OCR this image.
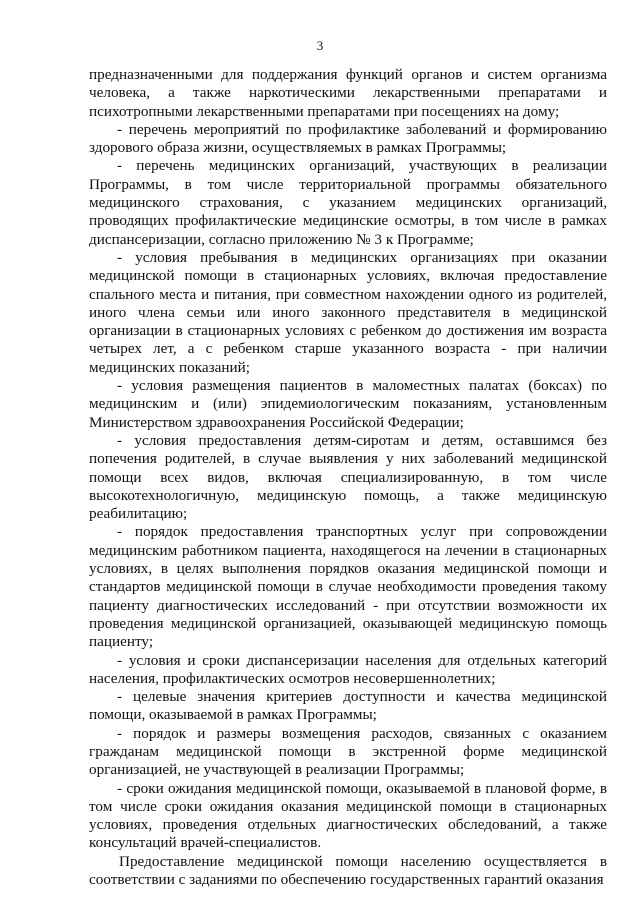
3

предназначенными для поддержания функций органов и систем организма человека, а также наркотическими лекарственными препаратами и психотропными лекарственными препаратами при посещениях на дому;

- перечень мероприятий по профилактике заболеваний и формированию здорового образа жизни, осуществляемых в рамках Программы;

- перечень медицинских организаций, участвующих в реализации Программы, в том числе территориальной программы обязательного медицинского страхования, с указанием медицинских организаций, проводящих профилактические медицинские осмотры, в том числе в рамках диспансеризации, согласно приложению № 3 к Программе;

- условия пребывания в медицинских организациях при оказании медицинской помощи в стационарных условиях, включая предоставление спального места и питания, при совместном нахождении одного из родителей, иного члена семьи или иного законного представителя в медицинской организации в стационарных условиях с ребенком до достижения им возраста четырех лет, а с ребенком старше указанного возраста - при наличии медицинских показаний;

- условия размещения пациентов в маломестных палатах (боксах) по медицинским и (или) эпидемиологическим показаниям, установленным Министерством здравоохранения Российской Федерации;

- условия предоставления детям-сиротам и детям, оставшимся без попечения родителей, в случае выявления у них заболеваний медицинской помощи всех видов, включая специализированную, в том числе высокотехнологичную, медицинскую помощь, а также медицинскую реабилитацию;

- порядок предоставления транспортных услуг при сопровождении медицинским работником пациента, находящегося на лечении в стационарных условиях, в целях выполнения порядков оказания медицинской помощи и стандартов медицинской помощи в случае необходимости проведения такому пациенту диагностических исследований - при отсутствии возможности их проведения медицинской организацией, оказывающей медицинскую помощь пациенту;

- условия и сроки диспансеризации населения для отдельных категорий населения, профилактических осмотров несовершеннолетних;

- целевые значения критериев доступности и качества медицинской помощи, оказываемой в рамках Программы;

- порядок и размеры возмещения расходов, связанных с оказанием гражданам медицинской помощи в экстренной форме медицинской организацией, не участвующей в реализации Программы;

- сроки ожидания медицинской помощи, оказываемой в плановой форме, в том числе сроки ожидания оказания медицинской помощи в стационарных условиях, проведения отдельных диагностических обследований, а также консультаций врачей-специалистов.

Предоставление медицинской помощи населению осуществляется в соответствии с заданиями по обеспечению государственных гарантий оказания
